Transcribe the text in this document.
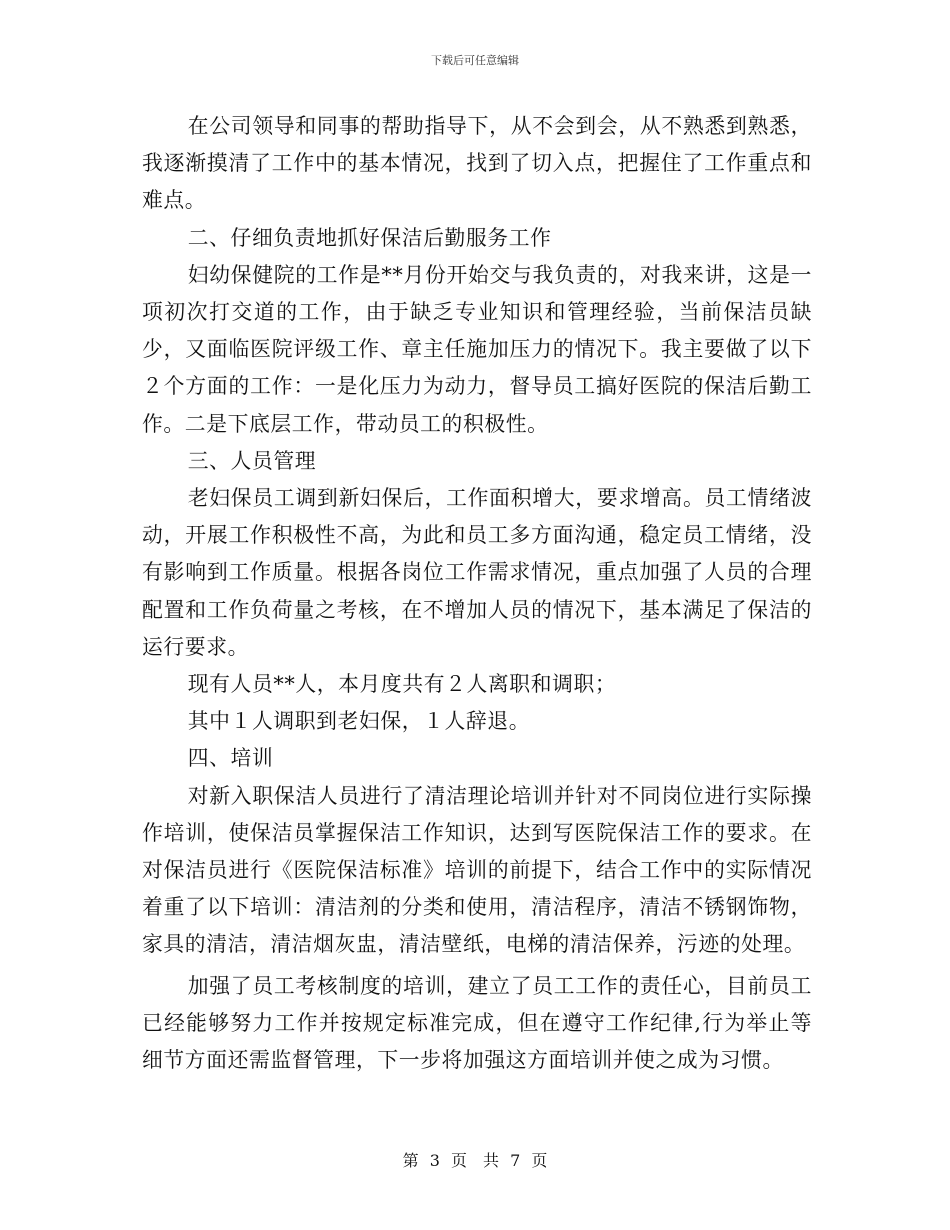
下载后可任意编辑

在公司领导和同事的帮助指导下，从不会到会，从不熟悉到熟悉，我逐渐摸清了工作中的基本情况，找到了切入点，把握住了工作重点和难点。

二、仔细负责地抓好保洁后勤服务工作

妇幼保健院的工作是**月份开始交与我负责的，对我来讲，这是一项初次打交道的工作，由于缺乏专业知识和管理经验，当前保洁员缺少，又面临医院评级工作、章主任施加压力的情况下。我主要做了以下２个方面的工作：一是化压力为动力，督导员工搞好医院的保洁后勤工作。二是下底层工作，带动员工的积极性。

三、人员管理

老妇保员工调到新妇保后，工作面积增大，要求增高。员工情绪波动，开展工作积极性不高，为此和员工多方面沟通，稳定员工情绪，没有影响到工作质量。根据各岗位工作需求情况，重点加强了人员的合理配置和工作负荷量之考核，在不增加人员的情况下，基本满足了保洁的运行要求。

现有人员**人，本月度共有２人离职和调职；

其中１人调职到老妇保，１人辞退。

四、培训

对新入职保洁人员进行了清洁理论培训并针对不同岗位进行实际操作培训，使保洁员掌握保洁工作知识，达到写医院保洁工作的要求。在对保洁员进行《医院保洁标准》培训的前提下，结合工作中的实际情况着重了以下培训：清洁剂的分类和使用，清洁程序，清洁不锈钢饰物，家具的清洁，清洁烟灰盅，清洁壁纸，电梯的清洁保养，污迹的处理。

加强了员工考核制度的培训，建立了员工工作的责任心，目前员工已经能够努力工作并按规定标准完成，但在遵守工作纪律,行为举止等细节方面还需监督管理，下一步将加强这方面培训并使之成为习惯。

第 3 页　共 7 页
